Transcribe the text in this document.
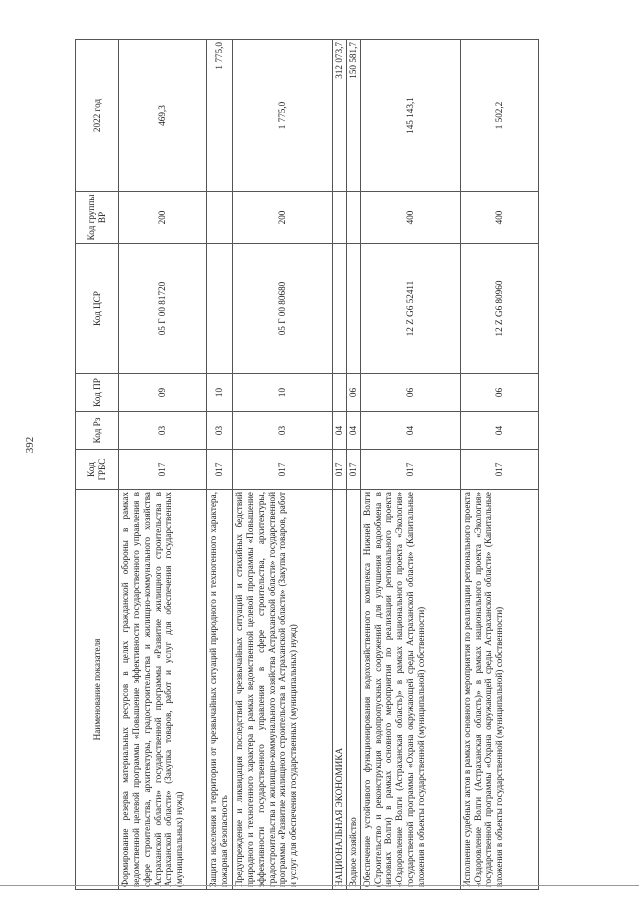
392
Наименование показателя	Код ГРБС	Код Рз	Код ПР	Код ЦСР	Код группы ВР	2022 год
Формирование резерва материальных ресурсов в целях гражданской обороны в рамках ведомственной целевой программы «Повышение эффективности государственного управления в сфере строительства, архитектуры, градостроительства и жилищно-коммунального хозяйства Астраханской области» государственной программы «Развитие жилищного строительства в Астраханской области» (Закупка товаров, работ и услуг для обеспечения государственных (муниципальных) нужд)	017	03	09	05 Г 00 81720	200	469,3
Защита населения и территории от чрезвычайных ситуаций природного и техногенного характера, пожарная безопасность	017	03	10			1 775,0
Предупреждение и ликвидация последствий чрезвычайных ситуаций и стихийных бедствий природного и техногенного характера в рамках ведомственной целевой программы «Повышение эффективности государственного управления в сфере строительства, архитектуры, градостроительства и жилищно-коммунального хозяйства Астраханской области» государственной программы «Развитие жилищного строительства в Астраханской области» (Закупка товаров, работ и услуг для обеспечения государственных (муниципальных) нужд)	017	03	10	05 Г 00 80680	200	1 775,0
НАЦИОНАЛЬНАЯ ЭКОНОМИКА	017	04				312 073,7
Водное хозяйство	017	04	06			150 581,7
Обеспечение устойчивого функционирования водохозяйственного комплекса Нижней Волги (Строительство и реконструкция водопропускных сооружений для улучшения водообмена в низовьях Волги) в рамках основного мероприятия по реализации регионального проекта «Оздоровление Волги (Астраханская область)» в рамках национального проекта «Экология» государственной программы «Охрана окружающей среды Астраханской области» (Капитальные вложения в объекты государственной (муниципальной) собственности)	017	04	06	12 Z G6 52411	400	145 143,1
Исполнение судебных актов в рамках основного мероприятия по реализации регионального проекта «Оздоровление Волги (Астраханская область)» в рамках национального проекта «Экология» государственной программы «Охрана окружающей среды Астраханской области» (Капитальные вложения в объекты государственной (муниципальной) собственности)	017	04	06	12 Z G6 80960	400	1 502,2
